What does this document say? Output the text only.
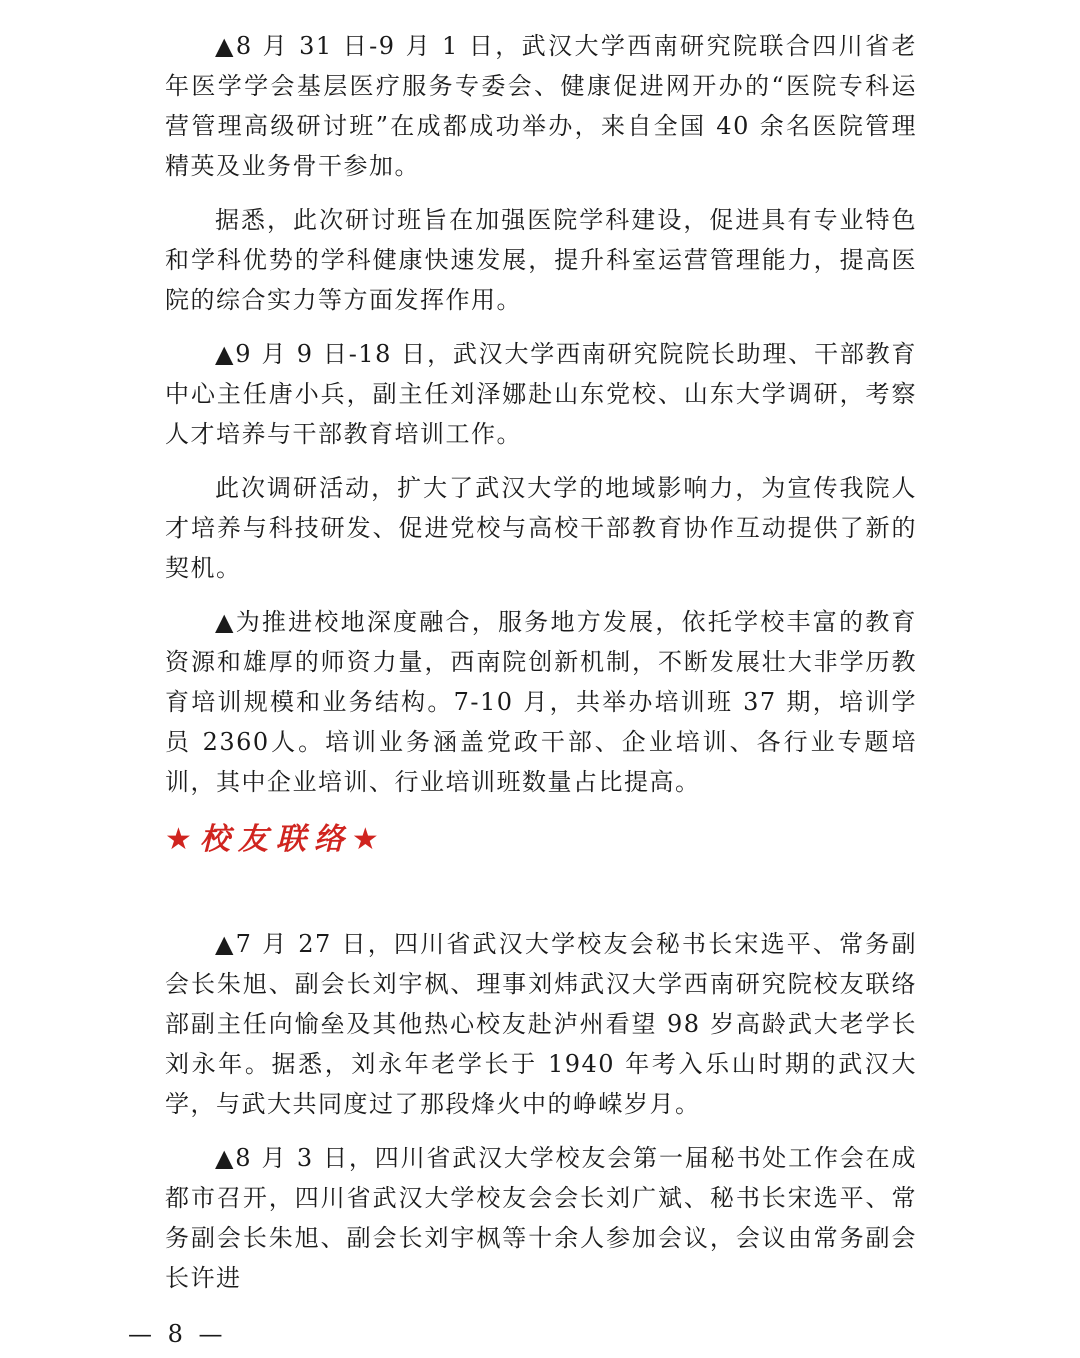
▲8 月 31 日-9 月 1 日，武汉大学西南研究院联合四川省老年医学学会基层医疗服务专委会、健康促进网开办的“医院专科运营管理高级研讨班”在成都成功举办，来自全国 40 余名医院管理精英及业务骨干参加。

据悉，此次研讨班旨在加强医院学科建设，促进具有专业特色和学科优势的学科健康快速发展，提升科室运营管理能力，提高医院的综合实力等方面发挥作用。

▲9 月 9 日-18 日，武汉大学西南研究院院长助理、干部教育中心主任唐小兵，副主任刘泽娜赴山东党校、山东大学调研，考察人才培养与干部教育培训工作。

此次调研活动，扩大了武汉大学的地域影响力，为宣传我院人才培养与科技研发、促进党校与高校干部教育协作互动提供了新的契机。

▲为推进校地深度融合，服务地方发展，依托学校丰富的教育资源和雄厚的师资力量，西南院创新机制，不断发展壮大非学历教育培训规模和业务结构。7-10 月，共举办培训班 37 期，培训学员 2360人。培训业务涵盖党政干部、企业培训、各行业专题培训，其中企业培训、行业培训班数量占比提高。

★校友联络★

▲7 月 27 日，四川省武汉大学校友会秘书长宋选平、常务副会长朱旭、副会长刘宇枫、理事刘炜武汉大学西南研究院校友联络部副主任向愉垒及其他热心校友赴泸州看望 98 岁高龄武大老学长刘永年。据悉，刘永年老学长于 1940 年考入乐山时期的武汉大学，与武大共同度过了那段烽火中的峥嵘岁月。

▲8 月 3 日，四川省武汉大学校友会第一届秘书处工作会在成都市召开，四川省武汉大学校友会会长刘广斌、秘书长宋选平、常务副会长朱旭、副会长刘宇枫等十余人参加会议，会议由常务副会长许进

— 8 —
